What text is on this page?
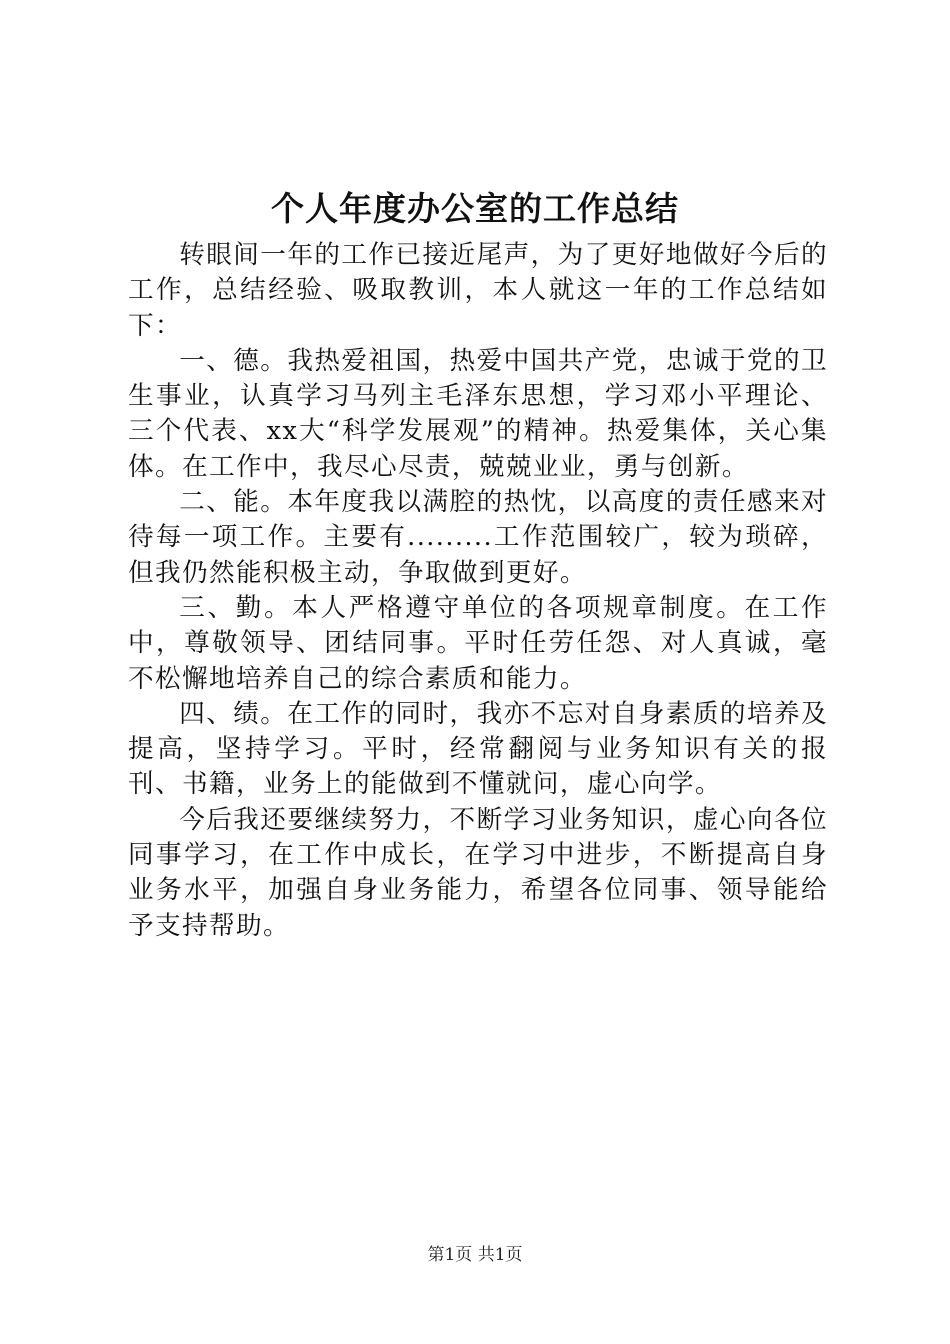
个人年度办公室的工作总结

转眼间一年的工作已接近尾声，为了更好地做好今后的工作，总结经验、吸取教训，本人就这一年的工作总结如下：

一、德。我热爱祖国，热爱中国共产党，忠诚于党的卫生事业，认真学习马列主毛泽东思想，学习邓小平理论、三个代表、xx大“科学发展观”的精神。热爱集体，关心集体。在工作中，我尽心尽责，兢兢业业，勇与创新。

二、能。本年度我以满腔的热忱，以高度的责任感来对待每一项工作。主要有.........工作范围较广，较为琐碎，但我仍然能积极主动，争取做到更好。

三、勤。本人严格遵守单位的各项规章制度。在工作中，尊敬领导、团结同事。平时任劳任怨、对人真诚，毫不松懈地培养自己的综合素质和能力。

四、绩。在工作的同时，我亦不忘对自身素质的培养及提高，坚持学习。平时，经常翻阅与业务知识有关的报刊、书籍，业务上的能做到不懂就问，虚心向学。

今后我还要继续努力，不断学习业务知识，虚心向各位同事学习，在工作中成长，在学习中进步，不断提高自身业务水平，加强自身业务能力，希望各位同事、领导能给予支持帮助。

第1页 共1页
